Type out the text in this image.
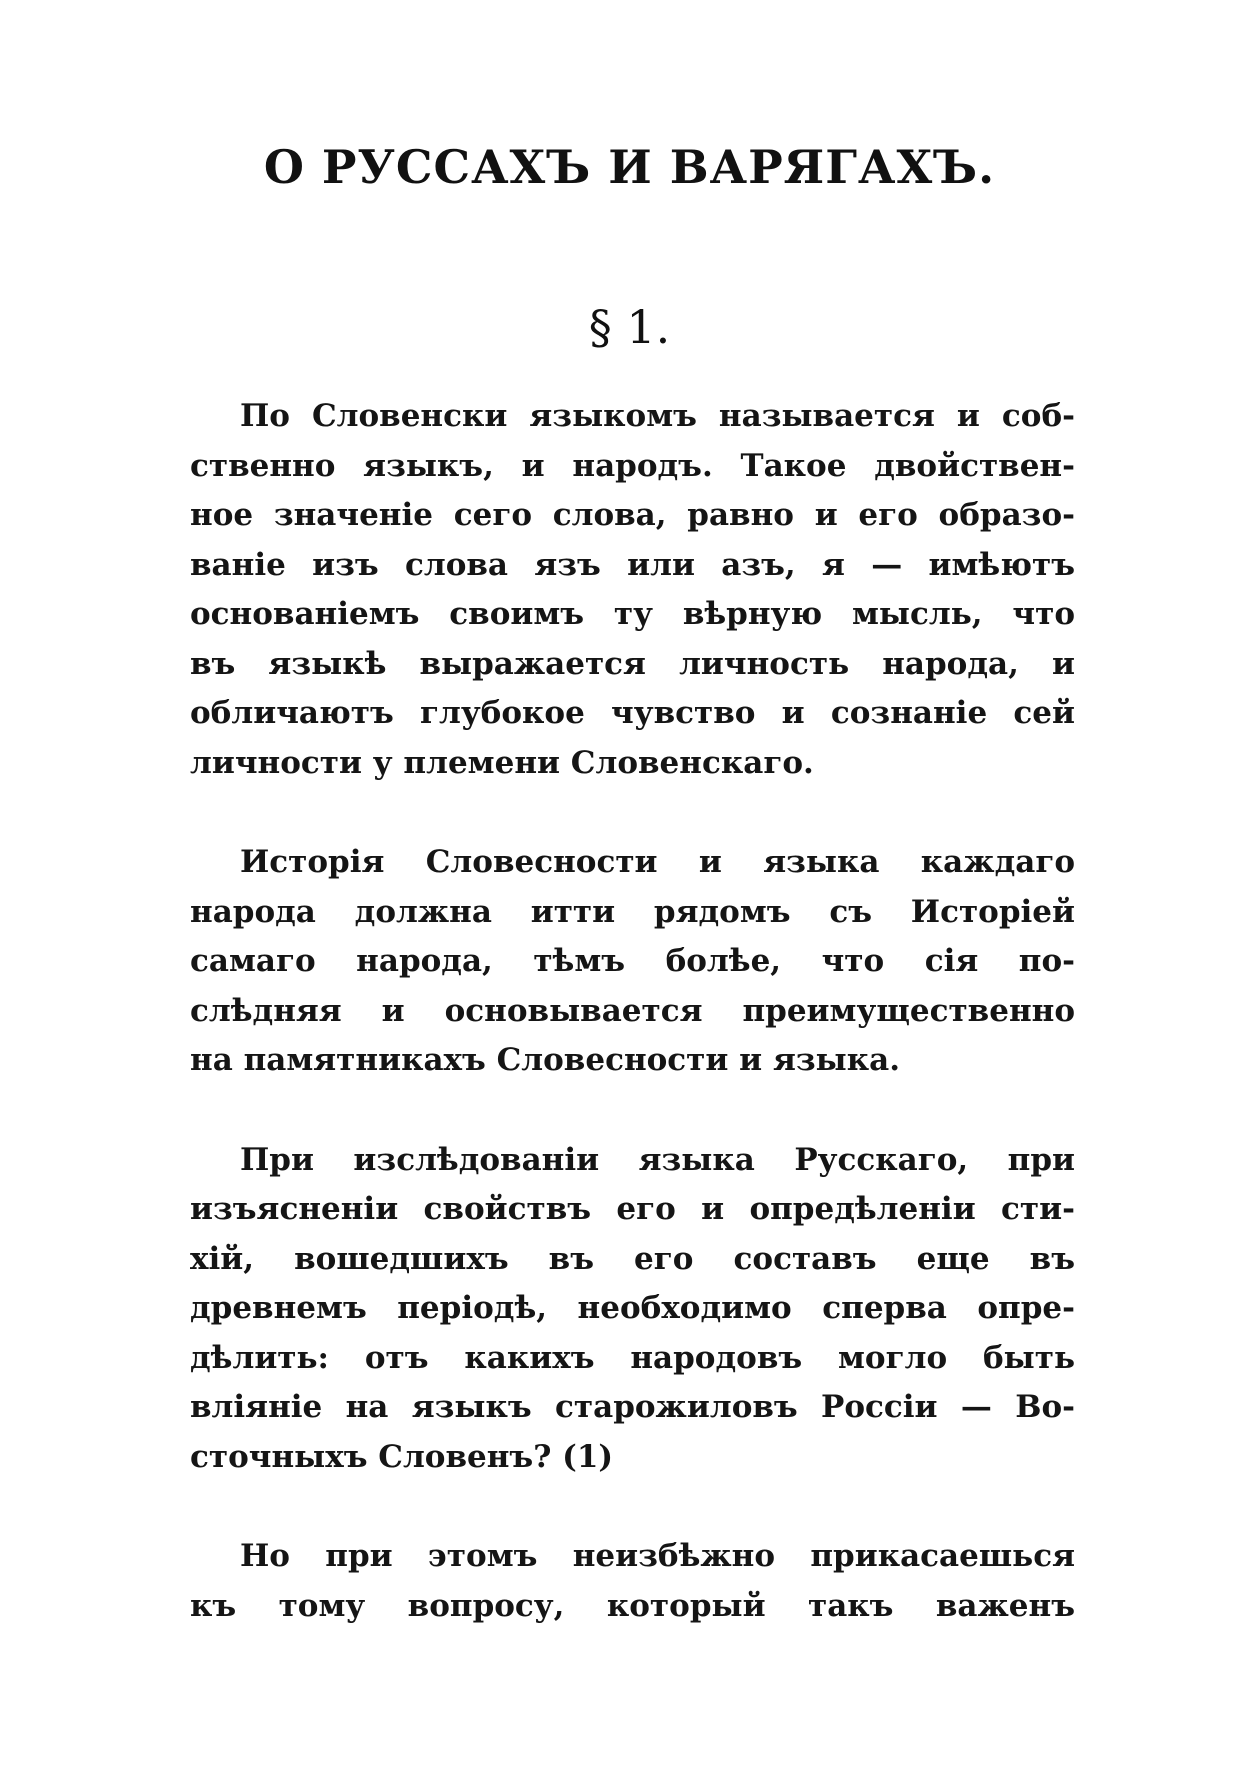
О РУССАХЪ И ВАРЯГАХЪ.
§ 1.
По Словенски языкомъ называется и соб-
ственно языкъ, и народъ. Такое двойствен-
ное значеніе сего слова, равно и его образо-
ваніе изъ слова язъ или азъ, я — имѣютъ
основаніемъ своимъ ту вѣрную мысль, что
въ языкѣ выражается личность народа, и
обличаютъ глубокое чувство и сознаніе сей
личности у племени Словенскаго.
Исторія Словесности и языка каждаго
народа должна итти рядомъ съ Исторіей
самаго народа, тѣмъ болѣе, что сія по-
слѣдняя и основывается преимущественно
на памятникахъ Словесности и языка.
При изслѣдованіи языка Русскаго, при
изъясненіи свойствъ его и опредѣленіи сти-
хій, вошедшихъ въ его составъ еще въ
древнемъ періодѣ, необходимо сперва опре-
дѣлить: отъ какихъ народовъ могло быть
вліяніе на языкъ старожиловъ Россіи — Во-
сточныхъ Словенъ? (1)
Но при этомъ неизбѣжно прикасаешься
къ тому вопросу, который такъ важенъ
